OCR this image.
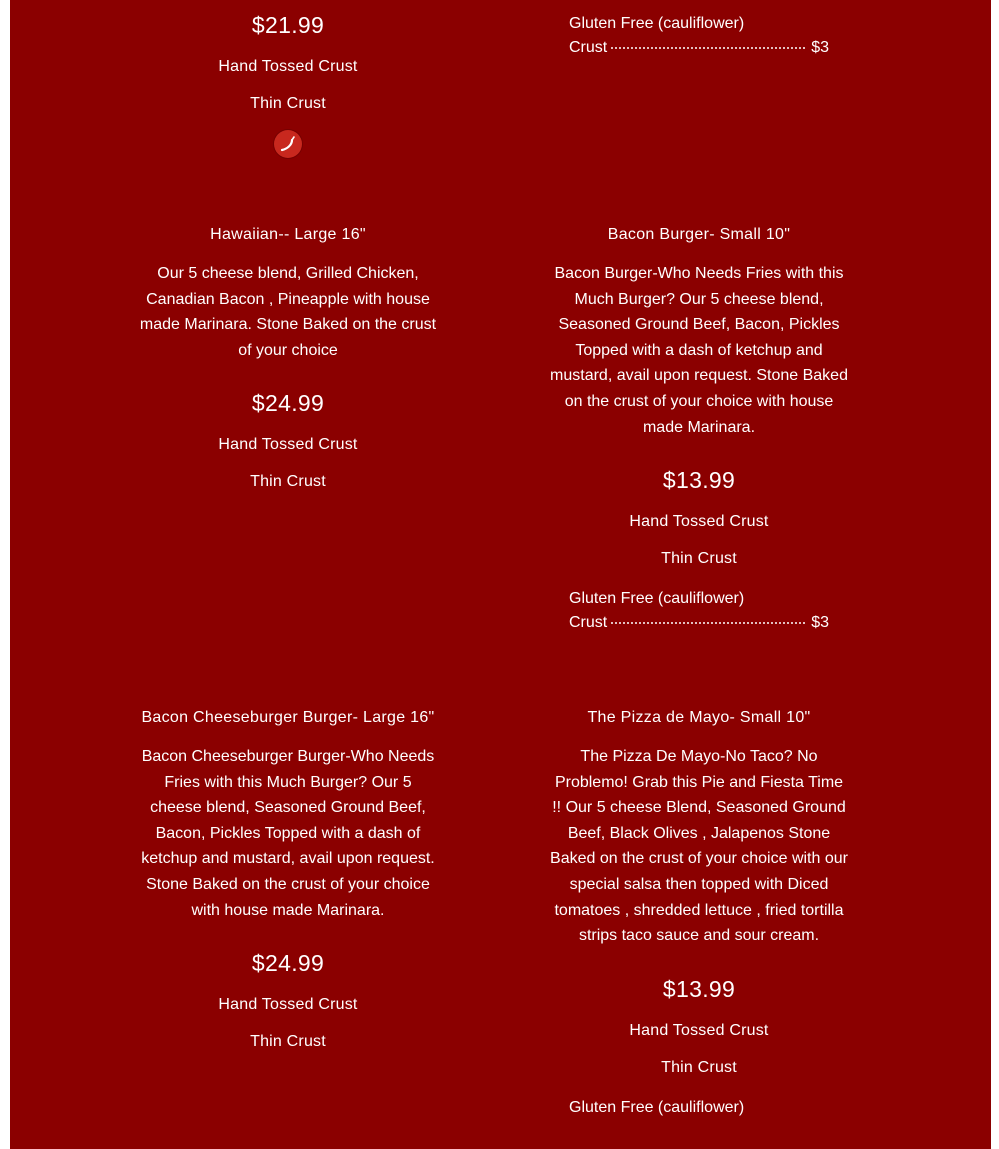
$21.99

Hand Tossed Crust

Thin Crust

Gluten Free (cauliflower)
Crust	$3

Hawaiian-- Large 16"

Our 5 cheese blend, Grilled Chicken, Canadian Bacon , Pineapple with house made Marinara. Stone Baked on the crust of your choice

$24.99

Hand Tossed Crust

Thin Crust

Bacon Burger- Small 10"

Bacon Burger-Who Needs Fries with this Much Burger? Our 5 cheese blend, Seasoned Ground Beef, Bacon, Pickles Topped with a dash of ketchup and mustard, avail upon request. Stone Baked on the crust of your choice with house made Marinara.

$13.99

Hand Tossed Crust

Thin Crust

Gluten Free (cauliflower)
Crust	$3

Bacon Cheeseburger Burger- Large 16"

Bacon Cheeseburger Burger-Who Needs Fries with this Much Burger? Our 5 cheese blend, Seasoned Ground Beef, Bacon, Pickles Topped with a dash of ketchup and mustard, avail upon request. Stone Baked on the crust of your choice with house made Marinara.

$24.99

Hand Tossed Crust

Thin Crust

The Pizza de Mayo- Small 10"

The Pizza De Mayo-No Taco? No Problemo! Grab this Pie and Fiesta Time !! Our 5 cheese Blend, Seasoned Ground Beef, Black Olives , Jalapenos Stone Baked on the crust of your choice with our special salsa then topped with Diced tomatoes , shredded lettuce , fried tortilla strips taco sauce and sour cream.

$13.99

Hand Tossed Crust

Thin Crust

Gluten Free (cauliflower)
